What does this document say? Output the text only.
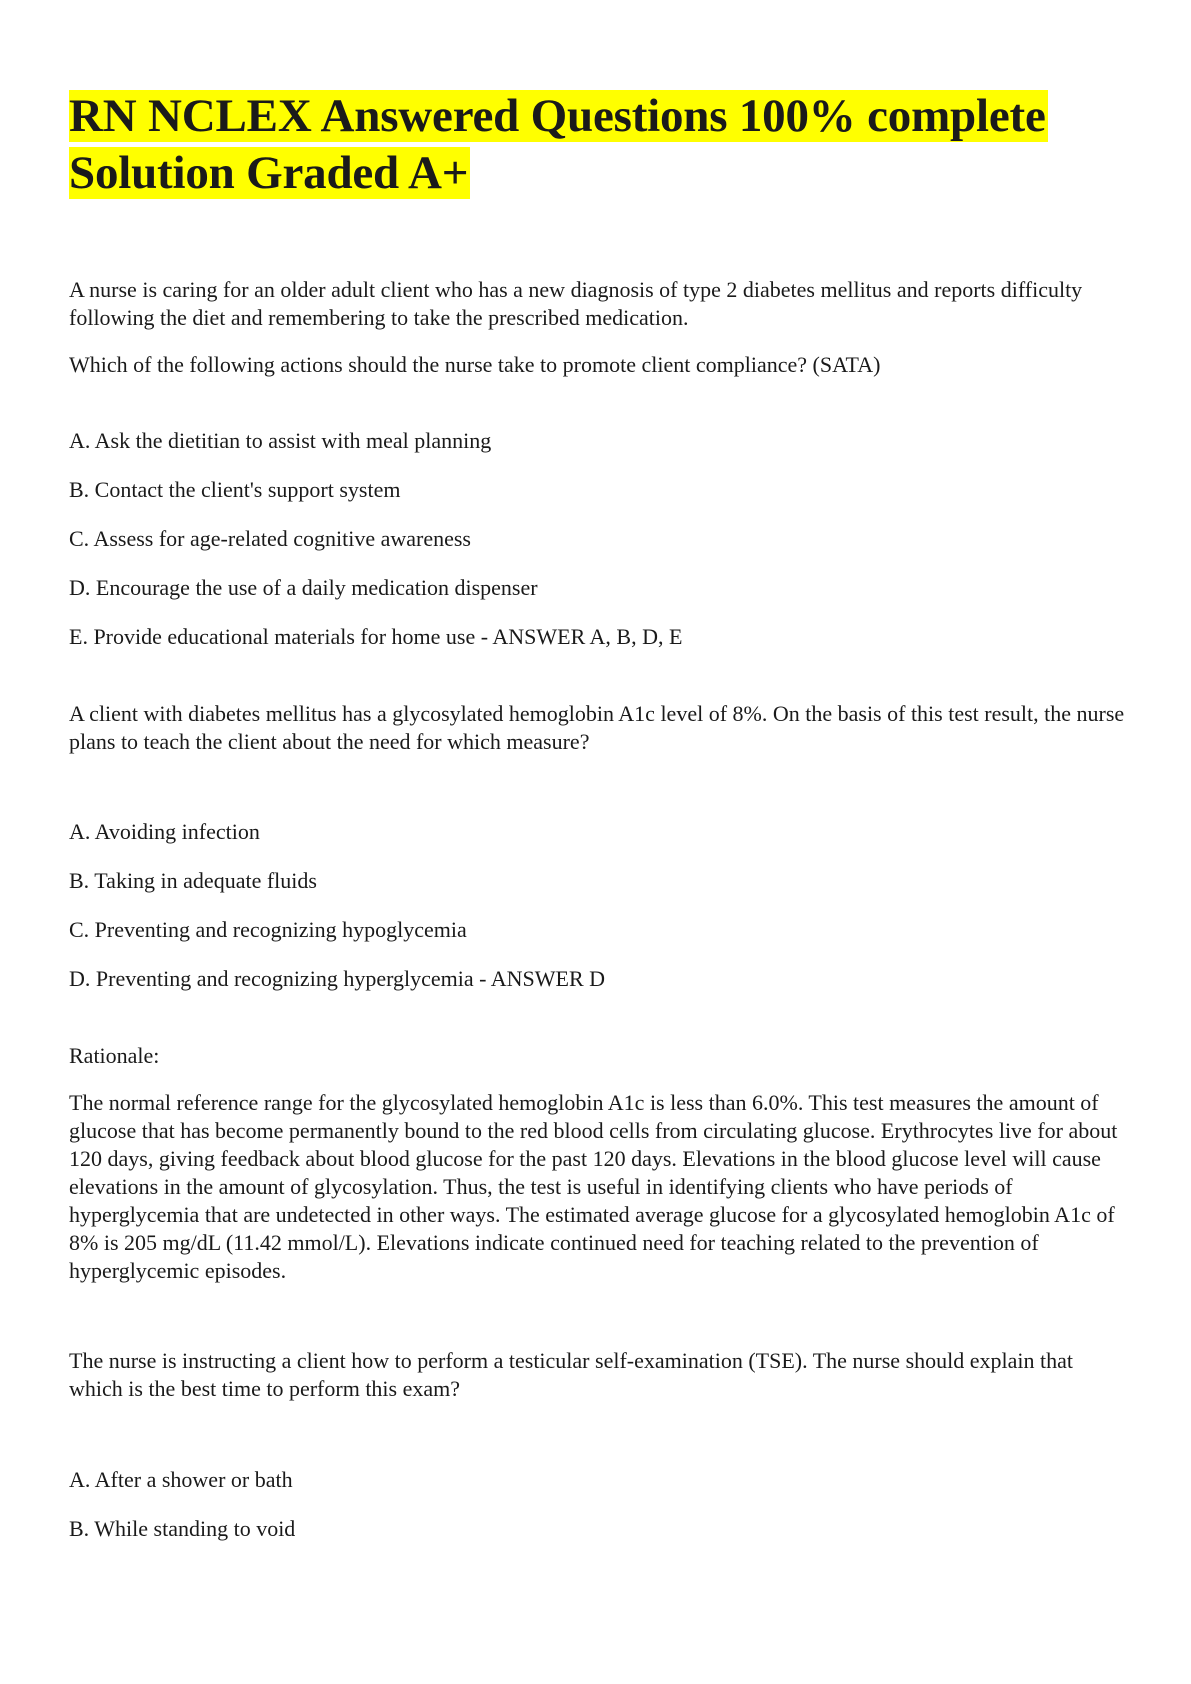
RN NCLEX Answered Questions 100% complete Solution Graded A+

A nurse is caring for an older adult client who has a new diagnosis of type 2 diabetes mellitus and reports difficulty following the diet and remembering to take the prescribed medication.

Which of the following actions should the nurse take to promote client compliance? (SATA)

A. Ask the dietitian to assist with meal planning

B. Contact the client's support system

C. Assess for age-related cognitive awareness

D. Encourage the use of a daily medication dispenser

E. Provide educational materials for home use - ANSWER A, B, D, E

A client with diabetes mellitus has a glycosylated hemoglobin A1c level of 8%. On the basis of this test result, the nurse plans to teach the client about the need for which measure?

A. Avoiding infection

B. Taking in adequate fluids

C. Preventing and recognizing hypoglycemia

D. Preventing and recognizing hyperglycemia - ANSWER D

Rationale:

The normal reference range for the glycosylated hemoglobin A1c is less than 6.0%. This test measures the amount of glucose that has become permanently bound to the red blood cells from circulating glucose. Erythrocytes live for about 120 days, giving feedback about blood glucose for the past 120 days. Elevations in the blood glucose level will cause elevations in the amount of glycosylation. Thus, the test is useful in identifying clients who have periods of hyperglycemia that are undetected in other ways. The estimated average glucose for a glycosylated hemoglobin A1c of 8% is 205 mg/dL (11.42 mmol/L). Elevations indicate continued need for teaching related to the prevention of hyperglycemic episodes.

The nurse is instructing a client how to perform a testicular self-examination (TSE). The nurse should explain that which is the best time to perform this exam?

A. After a shower or bath

B. While standing to void
